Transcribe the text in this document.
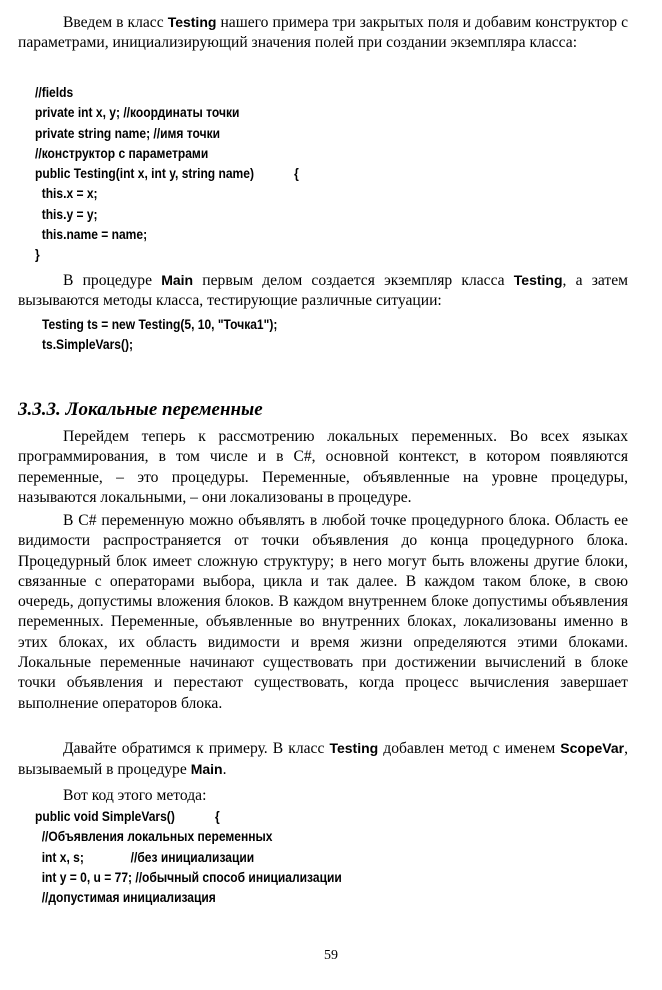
Введем в класс Testing нашего примера три закрытых поля и добавим конструктор с параметрами, инициализирующий значения полей при создании экземпляра класса:

//fields
private int x, y; //координаты точки
private string name; //имя точки
//конструктор с параметрами
public Testing(int x, int y, string name)            {
this.x = x;
this.y = y;
this.name = name;
}

В процедуре Main первым делом создается экземпляр класса Testing, а затем вызываются методы класса, тестирующие различные ситуации:

Testing ts = new Testing(5, 10, "Точка1");
ts.SimpleVars();
3.3.3. Локальные переменные

Перейдем теперь к рассмотрению локальных переменных. Во всех языках программирования, в том числе и в C#, основной контекст, в котором появляются переменные, – это процедуры. Переменные, объявленные на уровне процедуры, называются локальными, – они локализованы в процедуре.

В C# переменную можно объявлять в любой точке процедурного блока. Область ее видимости распространяется от точки объявления до конца процедурного блока. Процедурный блок имеет сложную структуру; в него могут быть вложены другие блоки, связанные с операторами выбора, цикла и так далее. В каждом таком блоке, в свою очередь, допустимы вложения блоков. В каждом внутреннем блоке допустимы объявления переменных. Переменные, объявленные во внутренних блоках, локализованы именно в этих блоках, их область видимости и время жизни определяются этими блоками. Локальные переменные начинают существовать при достижении вычислений в блоке точки объявления и перестают существовать, когда процесс вычисления завершает выполнение операторов блока.

Давайте обратимся к примеру. В класс Testing добавлен метод с именем ScopeVar, вызываемый в процедуре Main.

Вот код этого метода:

public void SimpleVars()            {
//Объявления локальных переменных
int x, s;              //без инициализации
int y = 0, u = 77; //обычный способ инициализации
//допустимая инициализация
59
